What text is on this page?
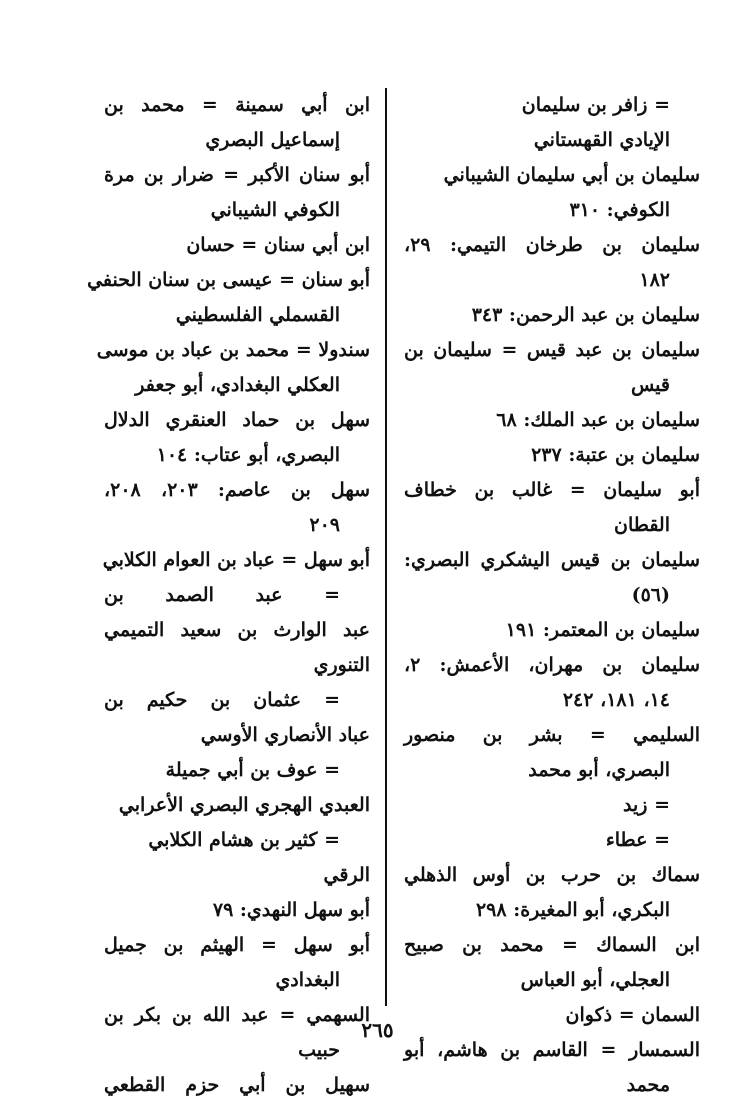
= زافر بن سليمان
الإيادي القهستاني
سليمان بن أبي سليمان الشيباني
الكوفي: ٣١٠
سليمان بن طرخان التيمي: ٢٩،
١٨٢
سليمان بن عبد الرحمن: ٣٤٣
سليمان بن عبد قيس = سليمان بن
قيس
سليمان بن عبد الملك: ٦٨
سليمان بن عتبة: ٢٣٧
أبو سليمان = غالب بن خطاف
القطان
سليمان بن قيس اليشكري البصري:
(٥٦)
سليمان بن المعتمر: ١٩١
سليمان بن مهران، الأعمش: ٢،
١٤، ١٨١، ٢٤٢
السليمي = بشر بن منصور
البصري، أبو محمد
= زيد
= عطاء
سماك بن حرب بن أوس الذهلي
البكري، أبو المغيرة: ٢٩٨
ابن السماك = محمد بن صبيح
العجلي، أبو العباس
السمان = ذكوان
السمسار = القاسم بن هاشم، أبو
محمد
ابن أبي سمينة = محمد بن
إسماعيل البصري
أبو سنان الأكبر = ضرار بن مرة
الكوفي الشيباني
ابن أبي سنان = حسان
أبو سنان = عيسى بن سنان الحنفي
القسملي الفلسطيني
سندولا = محمد بن عباد بن موسى
العكلي البغدادي، أبو جعفر
سهل بن حماد العنقري الدلال
البصري، أبو عتاب: ١٠٤
سهل بن عاصم: ٢٠٣، ٢٠٨،
٢٠٩
أبو سهل = عباد بن العوام الكلابي
= عبد الصمد بن
عبد الوارث بن سعيد التميمي
التنوري
= عثمان بن حكيم بن
عباد الأنصاري الأوسي
= عوف بن أبي جميلة
العبدي الهجري البصري الأعرابي
= كثير بن هشام الكلابي
الرقي
أبو سهل النهدي: ٧٩
أبو سهل = الهيثم بن جميل
البغدادي
السهمي = عبد الله بن بكر بن
حبيب
سهيل بن أبي حزم القطعي
٢٦٥
